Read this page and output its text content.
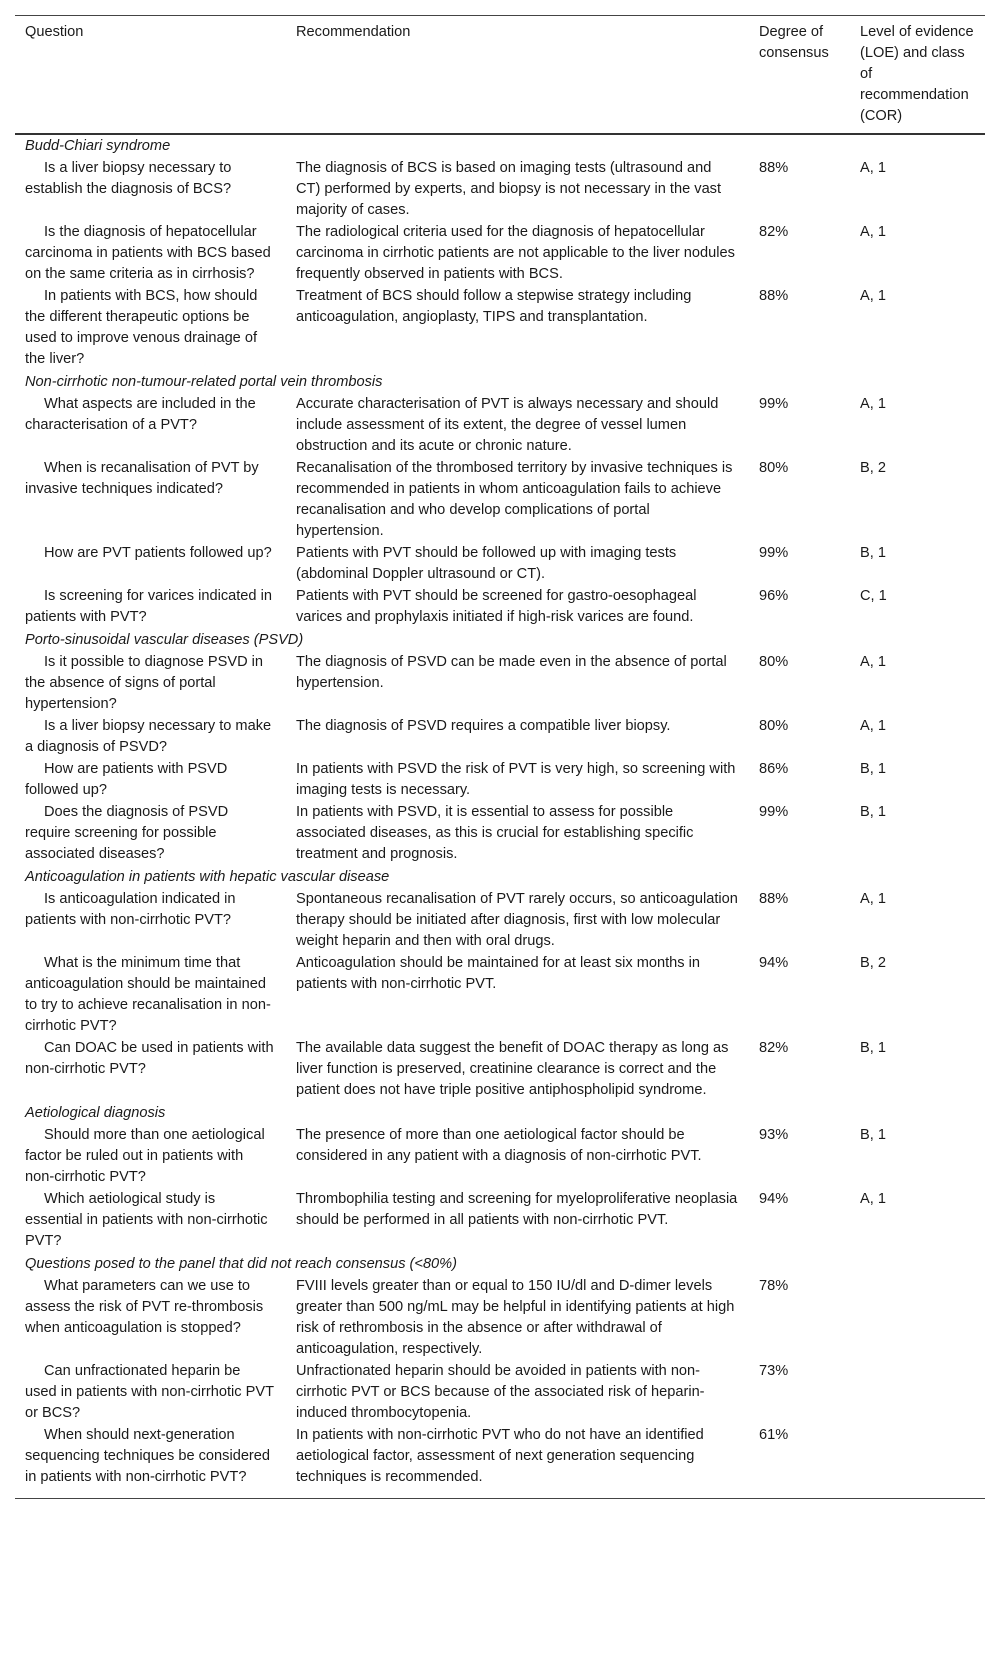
Question	Recommendation	Degree of consensus	Level of evidence (LOE) and class of recommendation (COR)
Budd-Chiari syndrome			
Is a liver biopsy necessary to establish the diagnosis of BCS?	The diagnosis of BCS is based on imaging tests (ultrasound and CT) performed by experts, and biopsy is not necessary in the vast majority of cases.	88%	A, 1
Is the diagnosis of hepatocellular carcinoma in patients with BCS based on the same criteria as in cirrhosis?	The radiological criteria used for the diagnosis of hepatocellular carcinoma in cirrhotic patients are not applicable to the liver nodules frequently observed in patients with BCS.	82%	A, 1
In patients with BCS, how should the different therapeutic options be used to improve venous drainage of the liver?	Treatment of BCS should follow a stepwise strategy including anticoagulation, angioplasty, TIPS and transplantation.	88%	A, 1
Non-cirrhotic non-tumour-related portal vein thrombosis			
What aspects are included in the characterisation of a PVT?	Accurate characterisation of PVT is always necessary and should include assessment of its extent, the degree of vessel lumen obstruction and its acute or chronic nature.	99%	A, 1
When is recanalisation of PVT by invasive techniques indicated?	Recanalisation of the thrombosed territory by invasive techniques is recommended in patients in whom anticoagulation fails to achieve recanalisation and who develop complications of portal hypertension.	80%	B, 2
How are PVT patients followed up?	Patients with PVT should be followed up with imaging tests (abdominal Doppler ultrasound or CT).	99%	B, 1
Is screening for varices indicated in patients with PVT?	Patients with PVT should be screened for gastro-oesophageal varices and prophylaxis initiated if high-risk varices are found.	96%	C, 1
Porto-sinusoidal vascular diseases (PSVD)			
Is it possible to diagnose PSVD in the absence of signs of portal hypertension?	The diagnosis of PSVD can be made even in the absence of portal hypertension.	80%	A, 1
Is a liver biopsy necessary to make a diagnosis of PSVD?	The diagnosis of PSVD requires a compatible liver biopsy.	80%	A, 1
How are patients with PSVD followed up?	In patients with PSVD the risk of PVT is very high, so screening with imaging tests is necessary.	86%	B, 1
Does the diagnosis of PSVD require screening for possible associated diseases?	In patients with PSVD, it is essential to assess for possible associated diseases, as this is crucial for establishing specific treatment and prognosis.	99%	B, 1
Anticoagulation in patients with hepatic vascular disease			
Is anticoagulation indicated in patients with non-cirrhotic PVT?	Spontaneous recanalisation of PVT rarely occurs, so anticoagulation therapy should be initiated after diagnosis, first with low molecular weight heparin and then with oral drugs.	88%	A, 1
What is the minimum time that anticoagulation should be maintained to try to achieve recanalisation in non-cirrhotic PVT?	Anticoagulation should be maintained for at least six months in patients with non-cirrhotic PVT.	94%	B, 2
Can DOAC be used in patients with non-cirrhotic PVT?	The available data suggest the benefit of DOAC therapy as long as liver function is preserved, creatinine clearance is correct and the patient does not have triple positive antiphospholipid syndrome.	82%	B, 1
Aetiological diagnosis			
Should more than one aetiological factor be ruled out in patients with non-cirrhotic PVT?	The presence of more than one aetiological factor should be considered in any patient with a diagnosis of non-cirrhotic PVT.	93%	B, 1
Which aetiological study is essential in patients with non-cirrhotic PVT?	Thrombophilia testing and screening for myeloproliferative neoplasia should be performed in all patients with non-cirrhotic PVT.	94%	A, 1
Questions posed to the panel that did not reach consensus (<80%)			
What parameters can we use to assess the risk of PVT re-thrombosis when anticoagulation is stopped?	FVIII levels greater than or equal to 150 IU/dl and D-dimer levels greater than 500 ng/mL may be helpful in identifying patients at high risk of rethrombosis in the absence or after withdrawal of anticoagulation, respectively.	78%	
Can unfractionated heparin be used in patients with non-cirrhotic PVT or BCS?	Unfractionated heparin should be avoided in patients with non-cirrhotic PVT or BCS because of the associated risk of heparin-induced thrombocytopenia.	73%	
When should next-generation sequencing techniques be considered in patients with non-cirrhotic PVT?	In patients with non-cirrhotic PVT who do not have an identified aetiological factor, assessment of next generation sequencing techniques is recommended.	61%	
